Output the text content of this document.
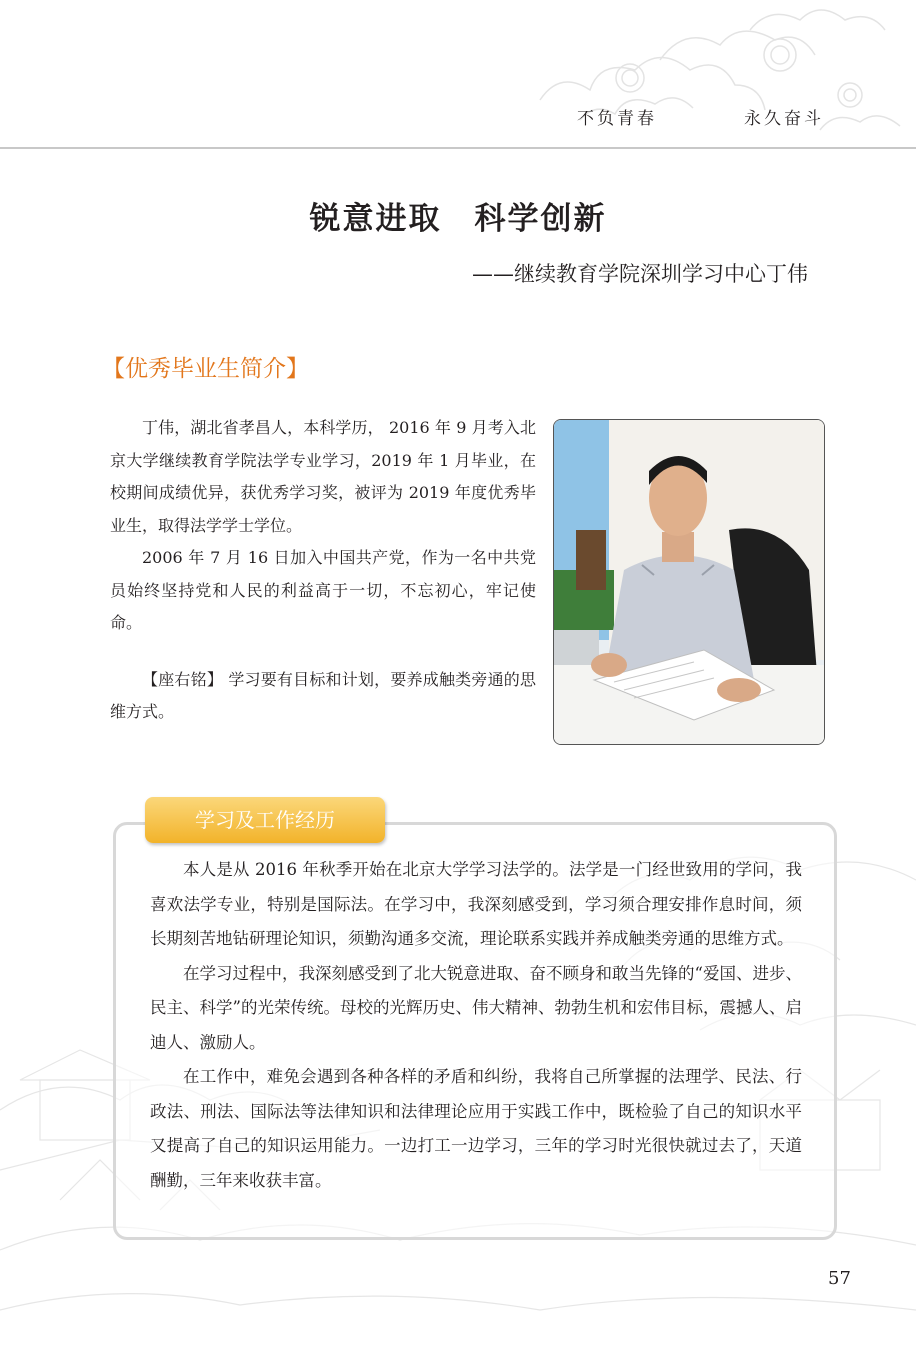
不负青春	永久奋斗
锐意进取　科学创新
——继续教育学院深圳学习中心丁伟
【优秀毕业生简介】

丁伟，湖北省孝昌人，本科学历， 2016 年 9 月考入北京大学继续教育学院法学专业学习，2019 年 1 月毕业，在校期间成绩优异，获优秀学习奖，被评为 2019 年度优秀毕业生，取得法学学士学位。

2006 年 7 月 16 日加入中国共产党，作为一名中共党员始终坚持党和人民的利益高于一切，不忘初心，牢记使命。

【座右铭】 学习要有目标和计划，要养成触类旁通的思维方式。

学习及工作经历

本人是从 2016 年秋季开始在北京大学学习法学的。法学是一门经世致用的学问，我喜欢法学专业，特别是国际法。在学习中，我深刻感受到，学习须合理安排作息时间，须长期刻苦地钻研理论知识，须勤沟通多交流，理论联系实践并养成触类旁通的思维方式。

在学习过程中，我深刻感受到了北大锐意进取、奋不顾身和敢当先锋的“爱国、进步、民主、科学”的光荣传统。母校的光辉历史、伟大精神、勃勃生机和宏伟目标，震撼人、启迪人、激励人。

在工作中，难免会遇到各种各样的矛盾和纠纷，我将自己所掌握的法理学、民法、行政法、刑法、国际法等法律知识和法律理论应用于实践工作中，既检验了自己的知识水平又提高了自己的知识运用能力。一边打工一边学习，三年的学习时光很快就过去了，天道酬勤，三年来收获丰富。

57
